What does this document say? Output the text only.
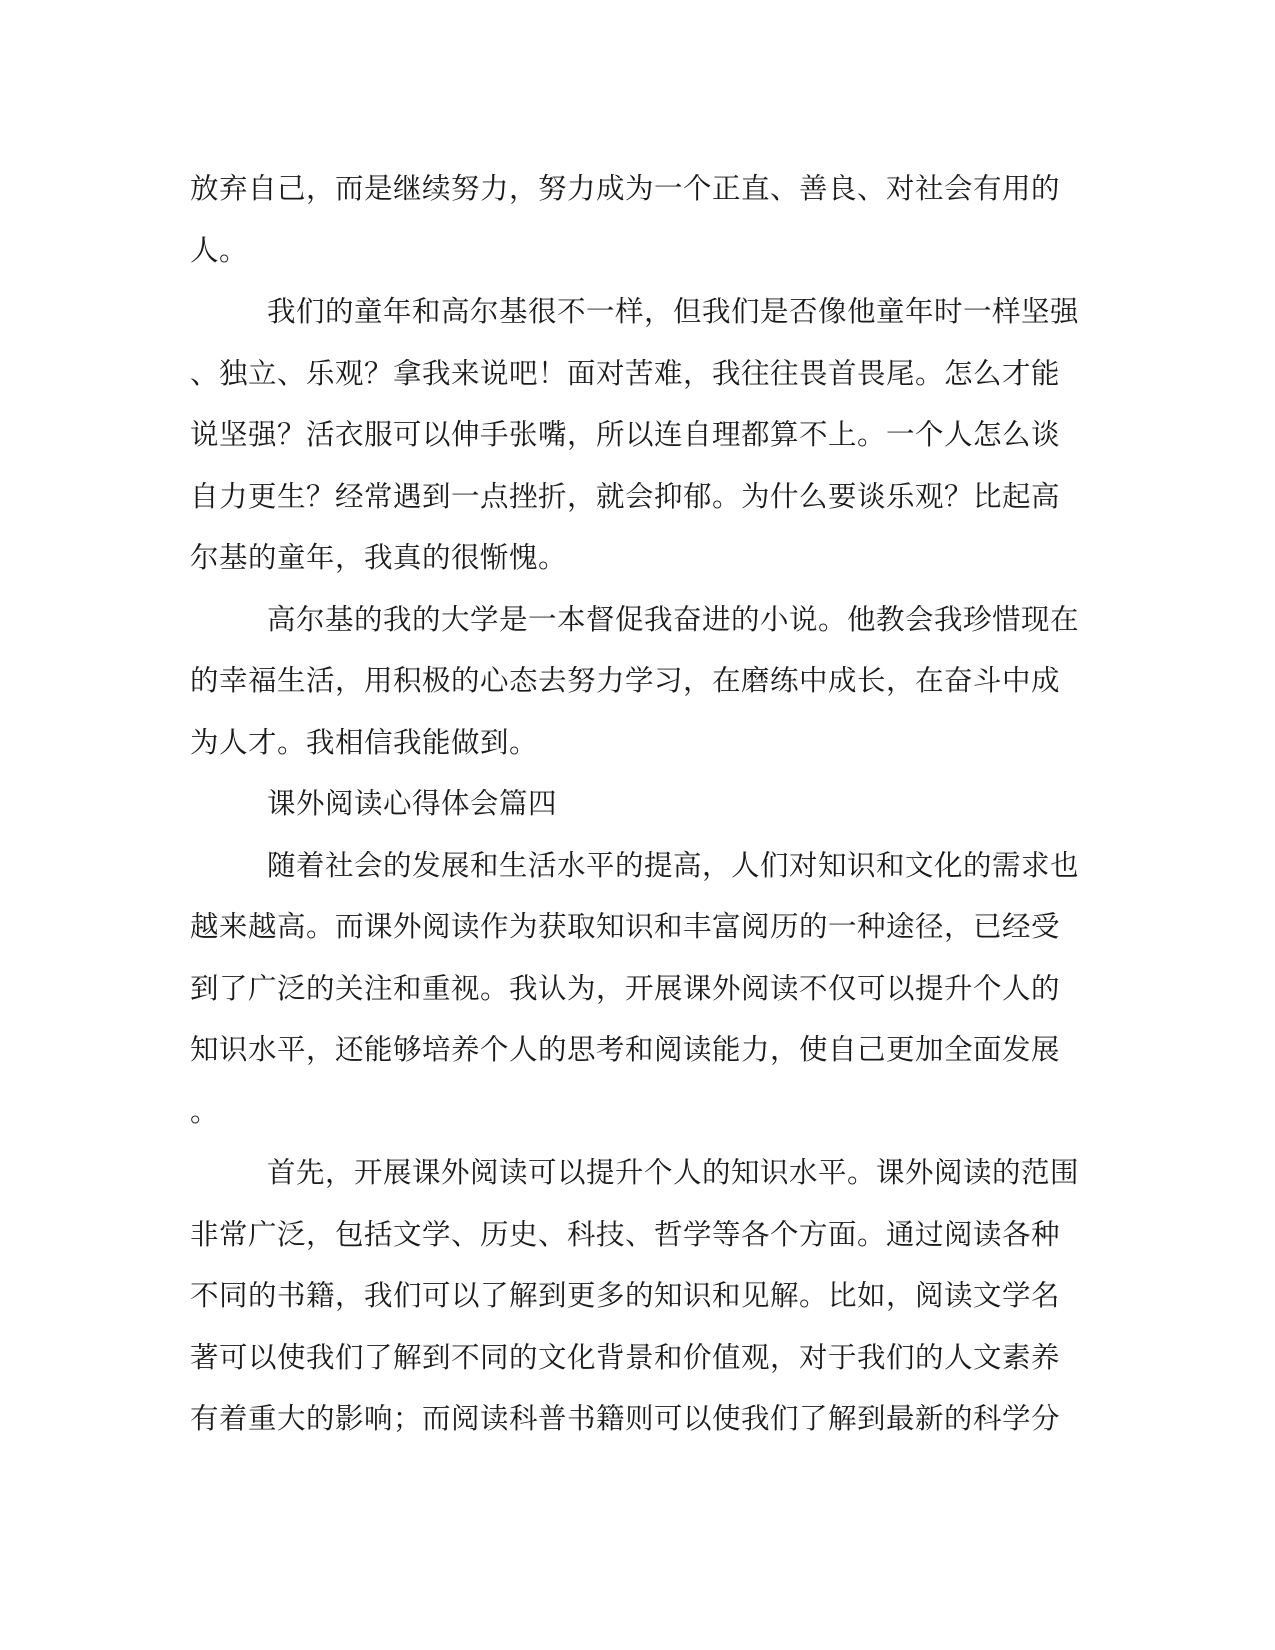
放弃自己，而是继续努力，努力成为一个正直、善良、对社会有用的
人。
我们的童年和高尔基很不一样，但我们是否像他童年时一样坚强
、独立、乐观？拿我来说吧！面对苦难，我往往畏首畏尾。怎么才能
说坚强？活衣服可以伸手张嘴，所以连自理都算不上。一个人怎么谈
自力更生？经常遇到一点挫折，就会抑郁。为什么要谈乐观？比起高
尔基的童年，我真的很惭愧。
高尔基的我的大学是一本督促我奋进的小说。他教会我珍惜现在
的幸福生活，用积极的心态去努力学习，在磨练中成长，在奋斗中成
为人才。我相信我能做到。
课外阅读心得体会篇四
随着社会的发展和生活水平的提高，人们对知识和文化的需求也
越来越高。而课外阅读作为获取知识和丰富阅历的一种途径，已经受
到了广泛的关注和重视。我认为，开展课外阅读不仅可以提升个人的
知识水平，还能够培养个人的思考和阅读能力，使自己更加全面发展
。
首先，开展课外阅读可以提升个人的知识水平。课外阅读的范围
非常广泛，包括文学、历史、科技、哲学等各个方面。通过阅读各种
不同的书籍，我们可以了解到更多的知识和见解。比如，阅读文学名
著可以使我们了解到不同的文化背景和价值观，对于我们的人文素养
有着重大的影响；而阅读科普书籍则可以使我们了解到最新的科学分
